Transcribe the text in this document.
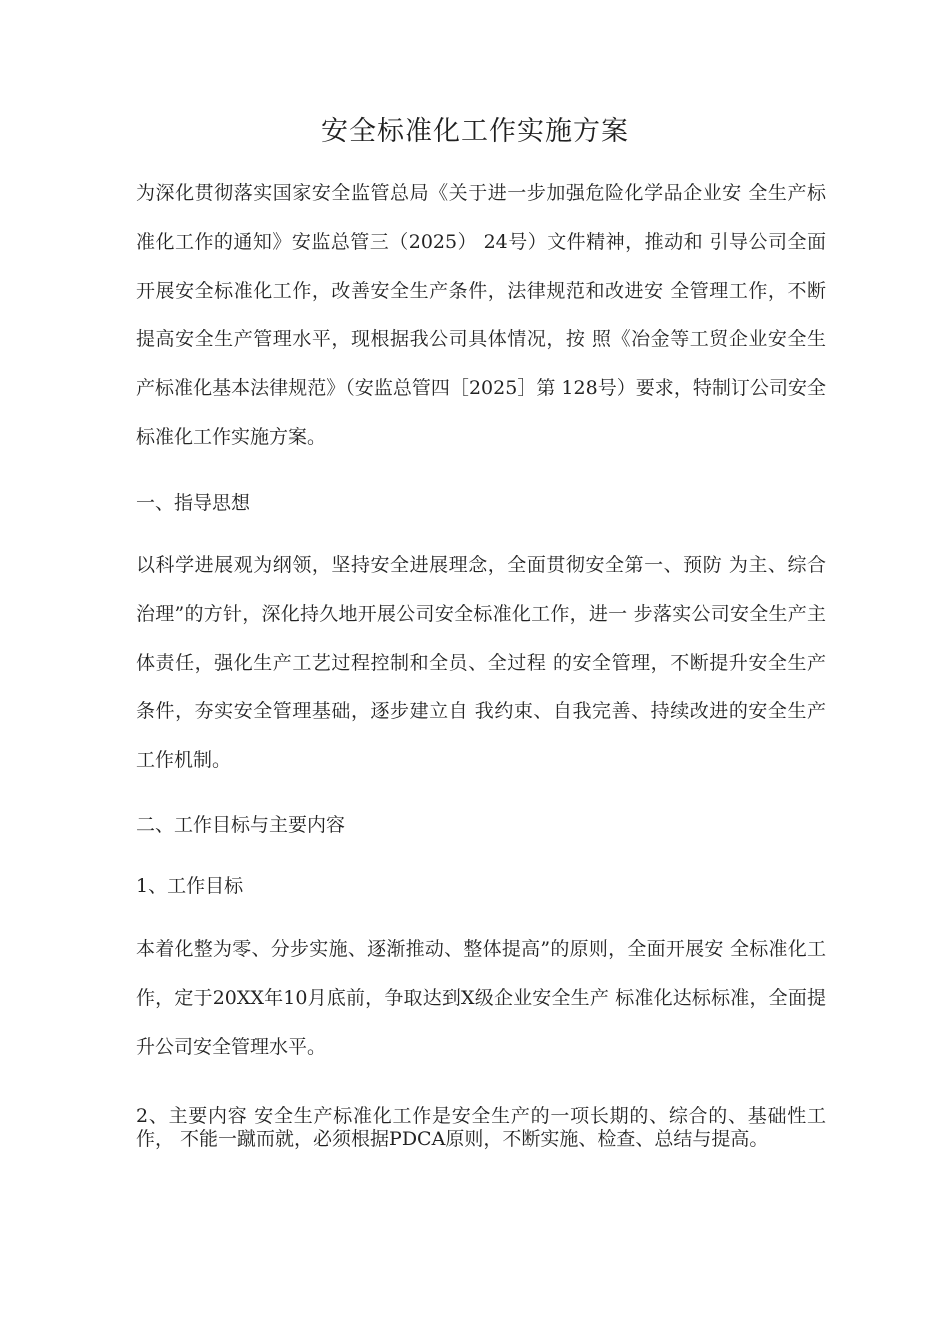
安全标准化工作实施方案

为深化贯彻落实国家安全监管总局《关于进一步加强危险化学品企业安 全生产标准化工作的通知》安监总管三（2025） 24号）文件精神，推动和 引导公司全面开展安全标准化工作，改善安全生产条件，法律规范和改进安 全管理工作，不断提高安全生产管理水平，现根据我公司具体情况，按 照《冶金等工贸企业安全生产标准化基本法律规范》（安监总管四［2025］第 128号）要求，特制订公司安全标准化工作实施方案。

一、指导思想

以科学进展观为纲领，坚持安全进展理念，全面贯彻安全第一、预防 为主、综合治理”的方针，深化持久地开展公司安全标准化工作，进一 步落实公司安全生产主体责任，强化生产工艺过程控制和全员、全过程 的安全管理，不断提升安全生产条件，夯实安全管理基础，逐步建立自 我约束、自我完善、持续改进的安全生产工作机制。

二、工作目标与主要内容

1、工作目标

本着化整为零、分步实施、逐渐推动、整体提高”的原则，全面开展安 全标准化工作，定于20XX年10月底前，争取达到X级企业安全生产 标准化达标标准，全面提升公司安全管理水平。

2、主要内容 安全生产标准化工作是安全生产的一项长期的、综合的、基础性工作， 不能一蹴而就，必须根据PDCA原则，不断实施、检查、总结与提高。
